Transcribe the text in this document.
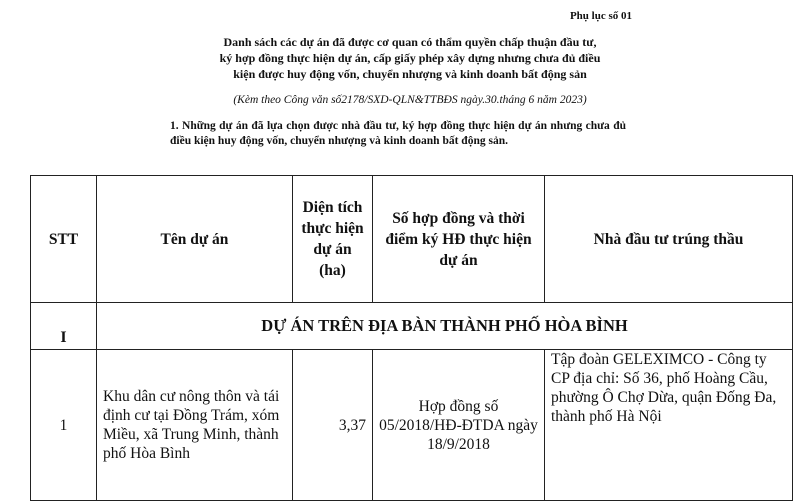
Phụ lục số 01
Danh sách các dự án đã được cơ quan có thẩm quyền chấp thuận đầu tư,
ký hợp đồng thực hiện dự án, cấp giấy phép xây dựng nhưng chưa đủ điều
kiện được huy động vốn, chuyển nhượng và kinh doanh bất động sản
(Kèm theo Công văn số2178/SXD-QLN&TTBĐS ngày.30.tháng 6 năm 2023)
1. Những dự án đã lựa chọn được nhà đầu tư, ký hợp đồng thực hiện dự án nhưng chưa đủ điều kiện huy động vốn, chuyển nhượng và kinh doanh bất động sản.
STT	Tên dự án	Diện tích thực hiện dự án (ha)	Số hợp đồng và thời điểm ký HĐ thực hiện dự án	Nhà đầu tư trúng thầu
I	DỰ ÁN TRÊN ĐỊA BÀN THÀNH PHỐ HÒA BÌNH			
1	Khu dân cư nông thôn và tái định cư tại Đồng Trám, xóm Miều, xã Trung Minh, thành phố Hòa Bình	3,37	Hợp đồng số 05/2018/HĐ-ĐTDA ngày 18/9/2018	Tập đoàn GELEXIMCO - Công ty CP địa chỉ: Số 36, phố Hoàng Cầu, phường Ô Chợ Dừa, quận Đống Đa, thành phố Hà Nội
